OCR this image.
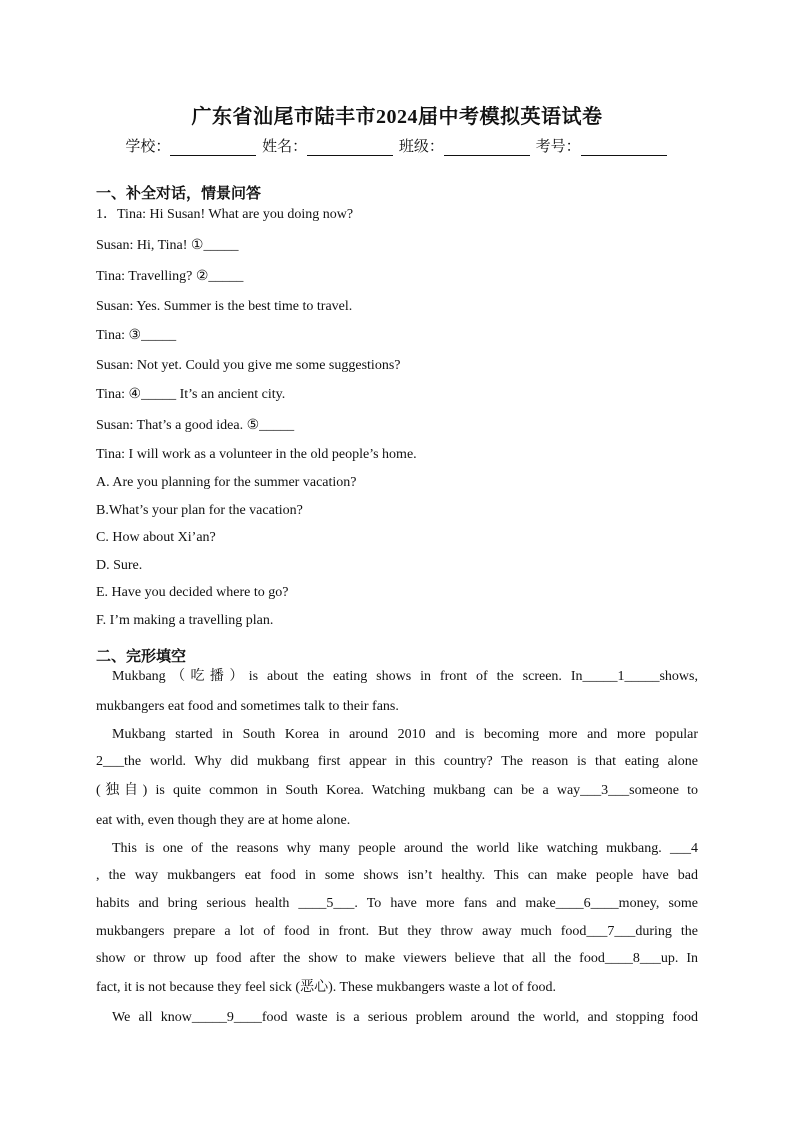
广东省汕尾市陆丰市2024届中考模拟英语试卷
学校：	姓名：	班级：	考号：
一、补全对话，情景问答
1．Tina: Hi Susan! What are you doing now?
Susan: Hi, Tina! ①_____
Tina: Travelling? ②_____
Susan: Yes. Summer is the best time to travel.
Tina: ③_____
Susan: Not yet. Could you give me some suggestions?
Tina: ④_____ It’s an ancient city.
Susan: That’s a good idea. ⑤_____
Tina: I will work as a volunteer in the old people’s home.
A. Are you planning for the summer vacation?
B.What’s your plan for the vacation?
C. How about Xi’an?
D. Sure.
E. Have you decided where to go?
F. I’m making a travelling plan.
二、完形填空
Mukbang（吃播）is about the eating shows in front of the screen. In_____1_____shows,
mukbangers eat food and sometimes talk to their fans.
Mukbang started in South Korea in around 2010 and is becoming more and more popular
2___the world. Why did mukbang first appear in this country? The reason is that eating alone
(独自) is quite common in South Korea. Watching mukbang can be a way___3___someone to
eat with, even though they are at home alone.
This is one of the reasons why many people around the world like watching mukbang. ___4
, the way mukbangers eat food in some shows isn’t healthy. This can make people have bad
habits and bring serious health ____5___. To have more fans and make____6____money, some
mukbangers prepare a lot of food in front. But they throw away much food___7___during the
show or throw up food after the show to make viewers believe that all the food____8___up. In
fact, it is not because they feel sick (恶心). These mukbangers waste a lot of food.
We all know_____9____food waste is a serious problem around the world, and stopping food
